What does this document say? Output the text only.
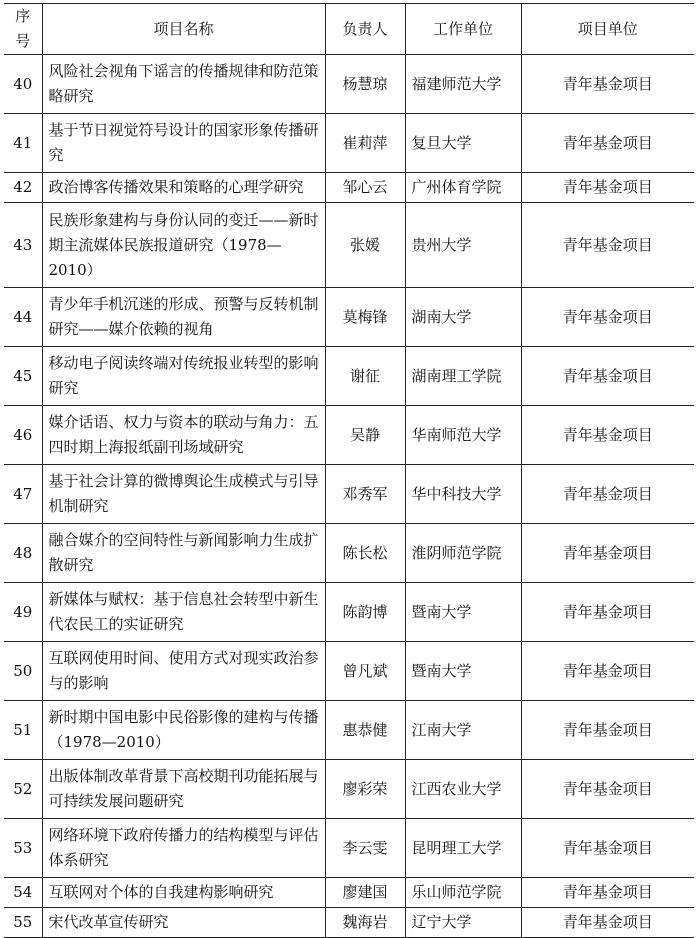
序号	项目名称	负责人	工作单位	项目单位
40	风险社会视角下谣言的传播规律和防范策略研究	杨慧琼	福建师范大学	青年基金项目
41	基于节日视觉符号设计的国家形象传播研究	崔莉萍	复旦大学	青年基金项目
42	政治博客传播效果和策略的心理学研究	邹心云	广州体育学院	青年基金项目
43	民族形象建构与身份认同的变迁——新时期主流媒体民族报道研究（1978—2010）	张媛	贵州大学	青年基金项目
44	青少年手机沉迷的形成、预警与反转机制研究——媒介依赖的视角	莫梅锋	湖南大学	青年基金项目
45	移动电子阅读终端对传统报业转型的影响研究	谢征	湖南理工学院	青年基金项目
46	媒介话语、权力与资本的联动与角力：五四时期上海报纸副刊场域研究	吴静	华南师范大学	青年基金项目
47	基于社会计算的微博舆论生成模式与引导机制研究	邓秀军	华中科技大学	青年基金项目
48	融合媒介的空间特性与新闻影响力生成扩散研究	陈长松	淮阴师范学院	青年基金项目
49	新媒体与赋权：基于信息社会转型中新生代农民工的实证研究	陈韵博	暨南大学	青年基金项目
50	互联网使用时间、使用方式对现实政治参与的影响	曾凡斌	暨南大学	青年基金项目
51	新时期中国电影中民俗影像的建构与传播（1978—2010）	惠恭健	江南大学	青年基金项目
52	出版体制改革背景下高校期刊功能拓展与可持续发展问题研究	廖彩荣	江西农业大学	青年基金项目
53	网络环境下政府传播力的结构模型与评估体系研究	李云雯	昆明理工大学	青年基金项目
54	互联网对个体的自我建构影响研究	廖建国	乐山师范学院	青年基金项目
55	宋代改革宣传研究	魏海岩	辽宁大学	青年基金项目
